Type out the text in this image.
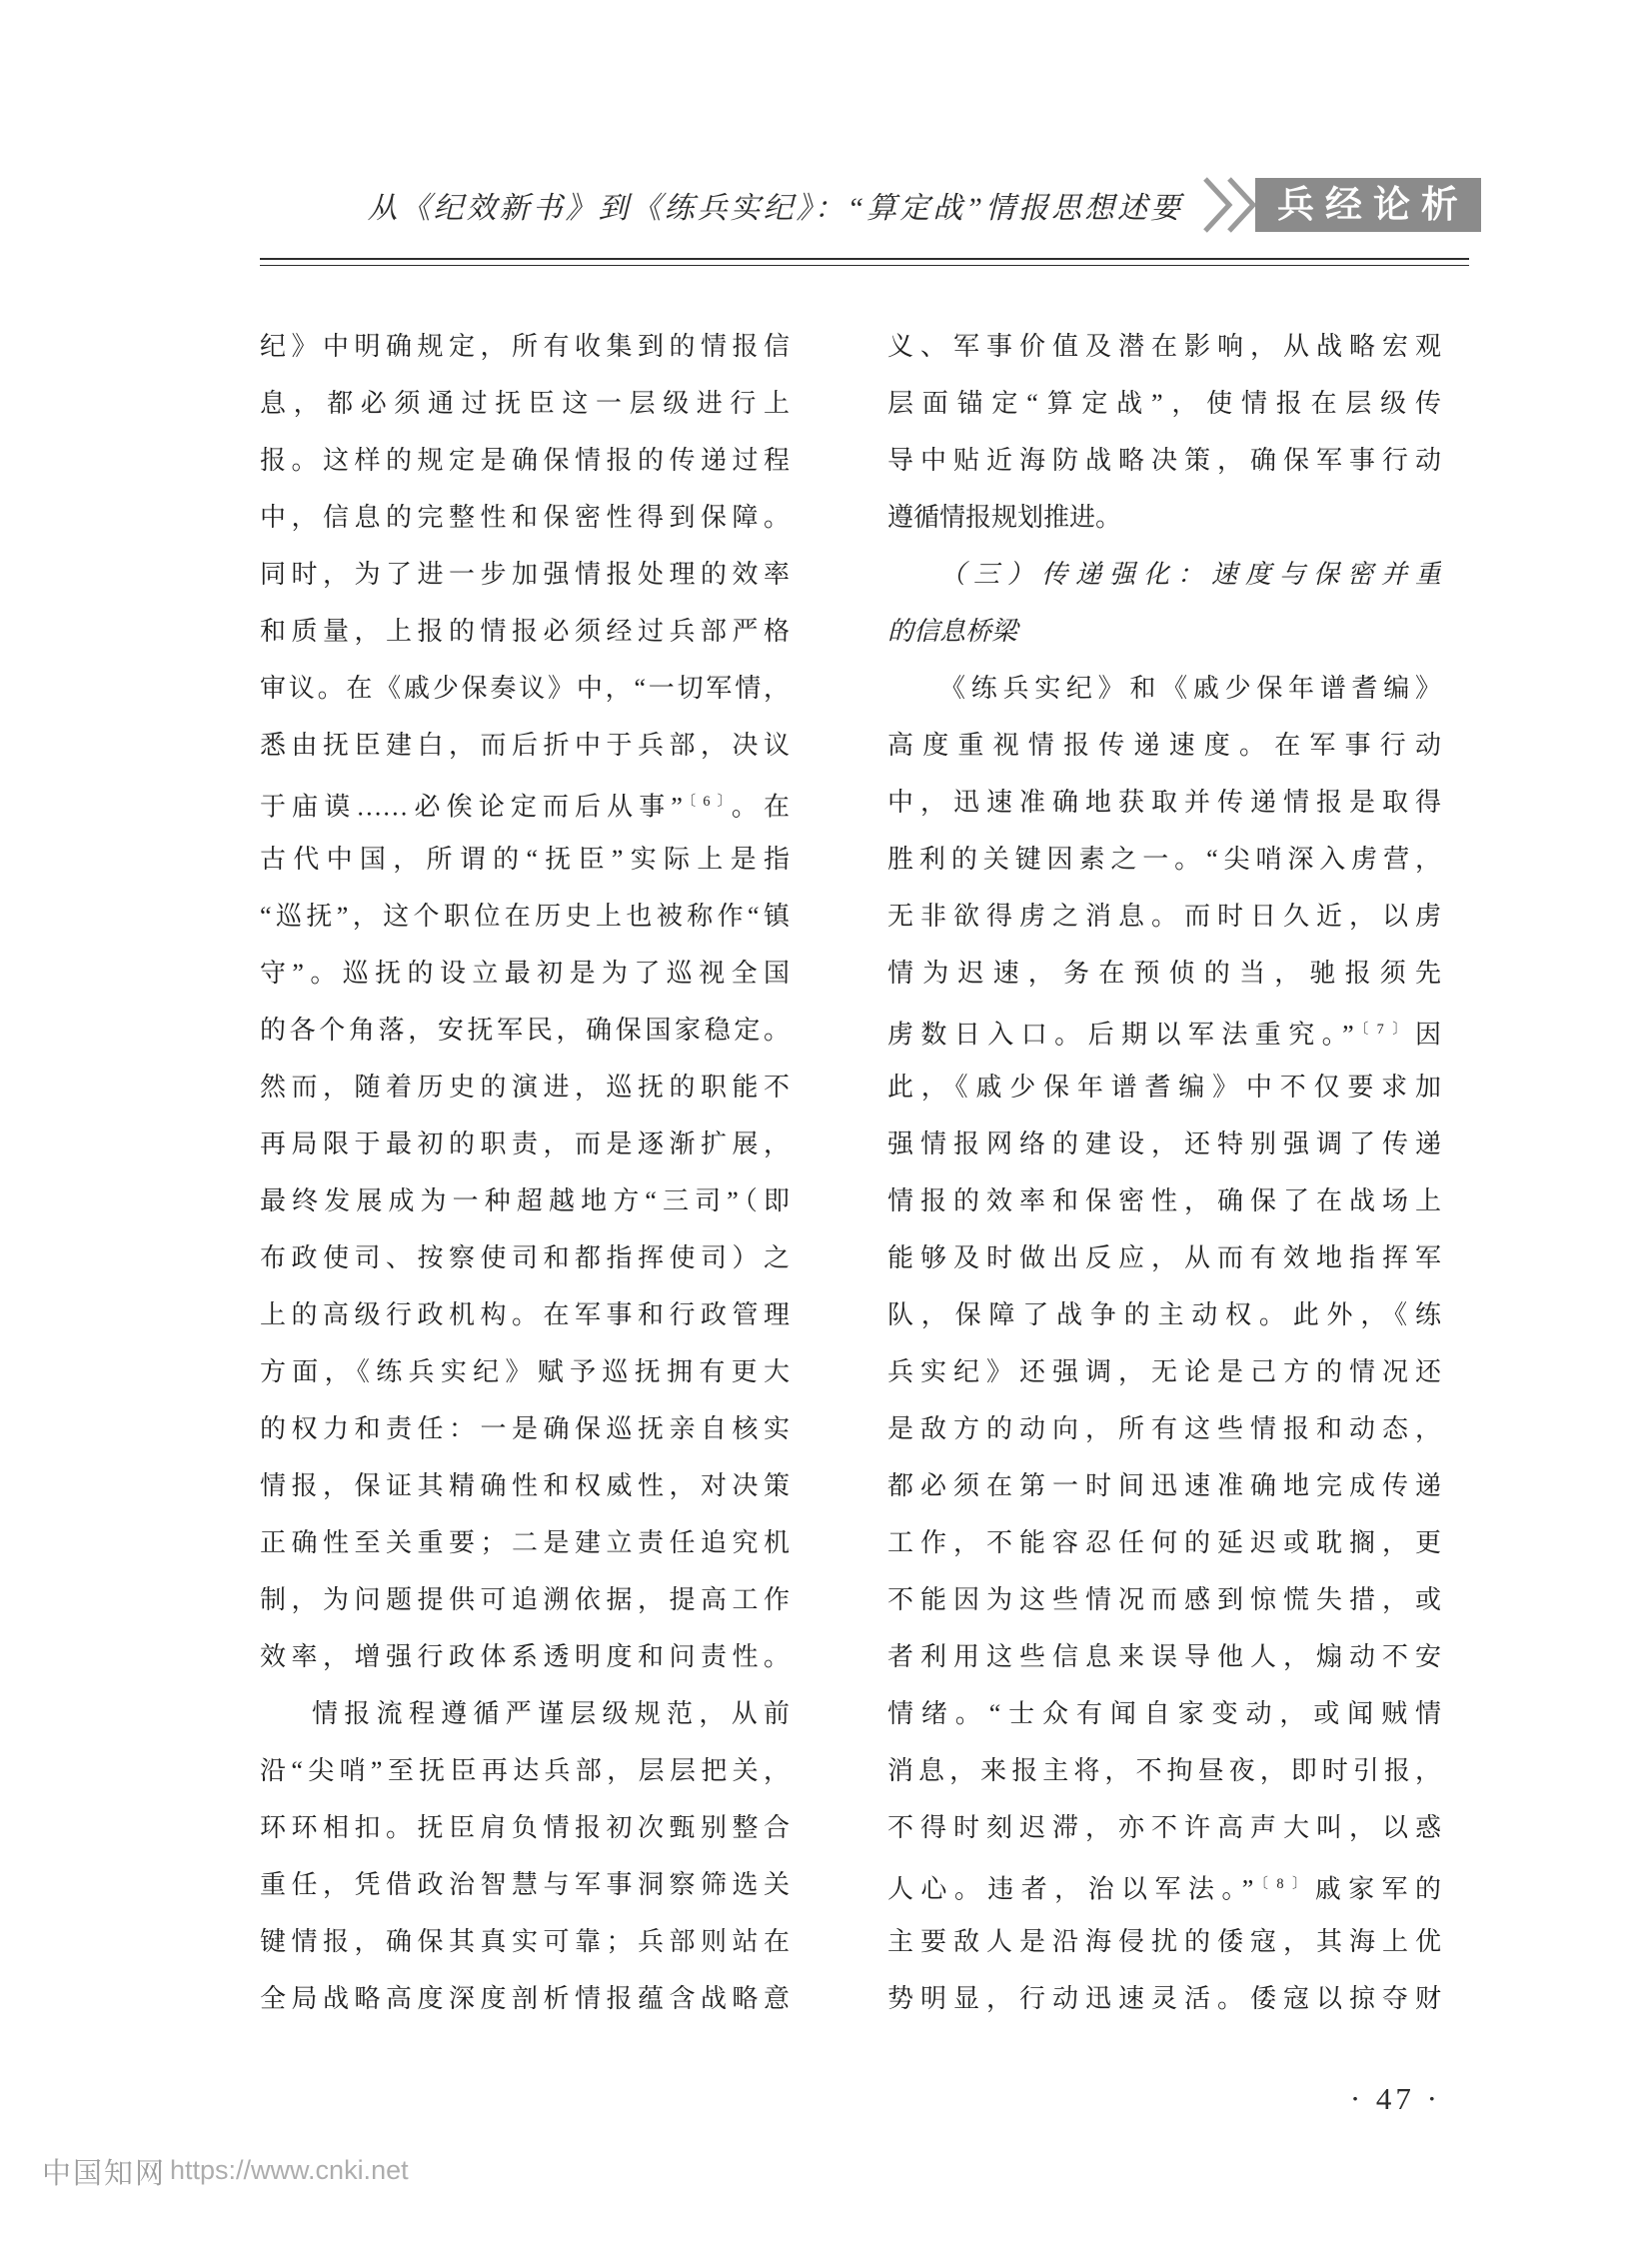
从《纪效新书》到《练兵实纪》：“算定战”情报思想述要	兵经论析
纪》中明确规定，所有收集到的情报信
息，都必须通过抚臣这一层级进行上
报。这样的规定是确保情报的传递过程
中，信息的完整性和保密性得到保障。
同时，为了进一步加强情报处理的效率
和质量，上报的情报必须经过兵部严格
审议。在《戚少保奏议》中，“一切军情，
悉由抚臣建白，而后折中于兵部，决议
于庙谟……必俟论定而后从事”$^{〔6〕}$。在
古代中国，所谓的“抚臣”实际上是指
“巡抚”，这个职位在历史上也被称作“镇
守”。巡抚的设立最初是为了巡视全国
的各个角落，安抚军民，确保国家稳定。
然而，随着历史的演进，巡抚的职能不
再局限于最初的职责，而是逐渐扩展，
最终发展成为一种超越地方“三司”（即
布政使司、按察使司和都指挥使司）之
上的高级行政机构。在军事和行政管理
方面，《练兵实纪》赋予巡抚拥有更大
的权力和责任：一是确保巡抚亲自核实
情报，保证其精确性和权威性，对决策
正确性至关重要；二是建立责任追究机
制，为问题提供可追溯依据，提高工作
效率，增强行政体系透明度和问责性。
情报流程遵循严谨层级规范，从前
沿“尖哨”至抚臣再达兵部，层层把关，
环环相扣。抚臣肩负情报初次甄别整合
重任，凭借政治智慧与军事洞察筛选关
键情报，确保其真实可靠；兵部则站在
全局战略高度深度剖析情报蕴含战略意
义、军事价值及潜在影响，从战略宏观
层面锚定“算定战”，使情报在层级传
导中贴近海防战略决策，确保军事行动
遵循情报规划推进。
（三）传递强化：速度与保密并重
的信息桥梁
《练兵实纪》和《戚少保年谱耆编》
高度重视情报传递速度。在军事行动
中，迅速准确地获取并传递情报是取得
胜利的关键因素之一。“尖哨深入虏营，
无非欲得虏之消息。而时日久近，以虏
情为迟速，务在预侦的当，驰报须先
虏数日入口。后期以军法重究。”$^{〔7〕}$因
此，《戚少保年谱耆编》中不仅要求加
强情报网络的建设，还特别强调了传递
情报的效率和保密性，确保了在战场上
能够及时做出反应，从而有效地指挥军
队，保障了战争的主动权。此外，《练
兵实纪》还强调，无论是己方的情况还
是敌方的动向，所有这些情报和动态，
都必须在第一时间迅速准确地完成传递
工作，不能容忍任何的延迟或耽搁，更
不能因为这些情况而感到惊慌失措，或
者利用这些信息来误导他人，煽动不安
情绪。“士众有闻自家变动，或闻贼情
消息，来报主将，不拘昼夜，即时引报，
不得时刻迟滞，亦不许高声大叫，以惑
人心。违者，治以军法。”$^{〔8〕}$戚家军的
主要敌人是沿海侵扰的倭寇，其海上优
势明显，行动迅速灵活。倭寇以掠夺财
· 47 ·
中国知网 https://www.cnki.net
